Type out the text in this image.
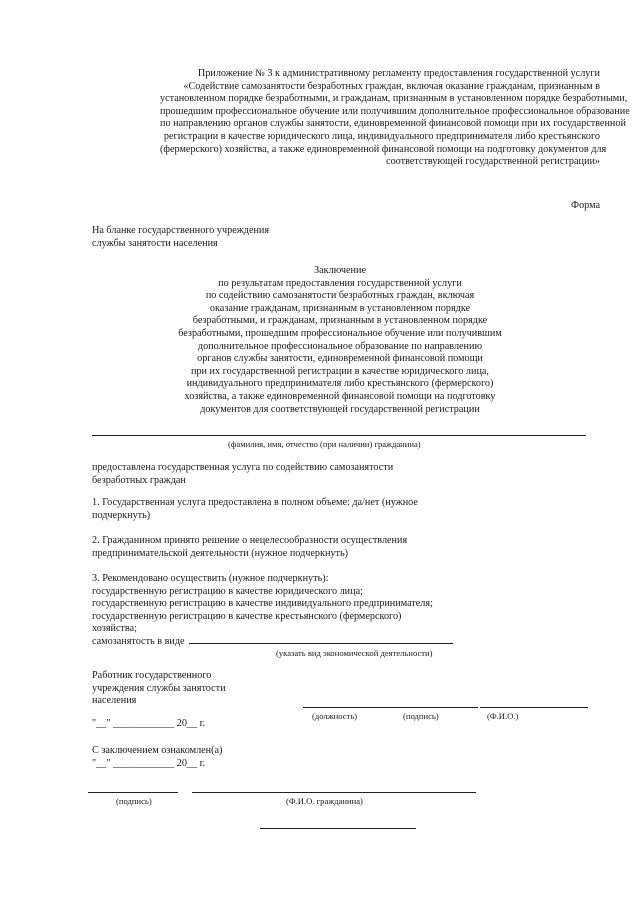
Приложение № 3 к административному регламенту предоставления государственной услуги
«Содействие самозанятости безработных граждан, включая оказание гражданам, признанным в
установленном порядке безработными, и гражданам, признанным в установленном порядке безработными,
прошедшим профессиональное обучение или получившим дополнительное профессиональное образование
по направлению органов службы занятости, единовременной финансовой помощи при их государственной
регистрации в качестве юридического лица, индивидуального предпринимателя либо крестьянского
(фермерского) хозяйства, а также единовременной финансовой помощи на подготовку документов для
соответствующей государственной регистрации»
Форма
На бланке государственного учреждения
службы занятости населения
Заключение
по результатам предоставления государственной услуги
по содействию самозанятости безработных граждан, включая
оказание гражданам, признанным в установленном порядке
безработными, и гражданам, признанным в установленном порядке
безработными, прошедшим профессиональное обучение или получившим
дополнительное профессиональное образование по направлению
органов службы занятости, единовременной финансовой помощи
при их государственной регистрации в качестве юридического лица,
индивидуального предпринимателя либо крестьянского (фермерского)
хозяйства, а также единовременной финансовой помощи на подготовку
документов для соответствующей государственной регистрации
(фамилия, имя, отчество (при наличии) гражданина)
предоставлена государственная услуга по содействию самозанятости
безработных граждан
1. Государственная услуга предоставлена в полном объеме: да/нет (нужное
подчеркнуть)
2. Гражданином принято решение о нецелесообразности осуществления
предпринимательской деятельности (нужное подчеркнуть)
3. Рекомендовано осуществить (нужное подчеркнуть):
государственную регистрацию в качестве юридического лица;
государственную регистрацию в качестве индивидуального предпринимателя;
государственную регистрацию в качестве крестьянского (фермерского)
хозяйства;
самозанятость в виде
(указать вид экономической деятельности)
Работник государственного
учреждения службы занятости
населения
(должность)	(подпись)	(Ф.И.О.)
"__" ____________ 20__ г.
С заключением ознакомлен(а)
"__" ____________ 20__ г.
(подпись)	(Ф.И.О. гражданина)
